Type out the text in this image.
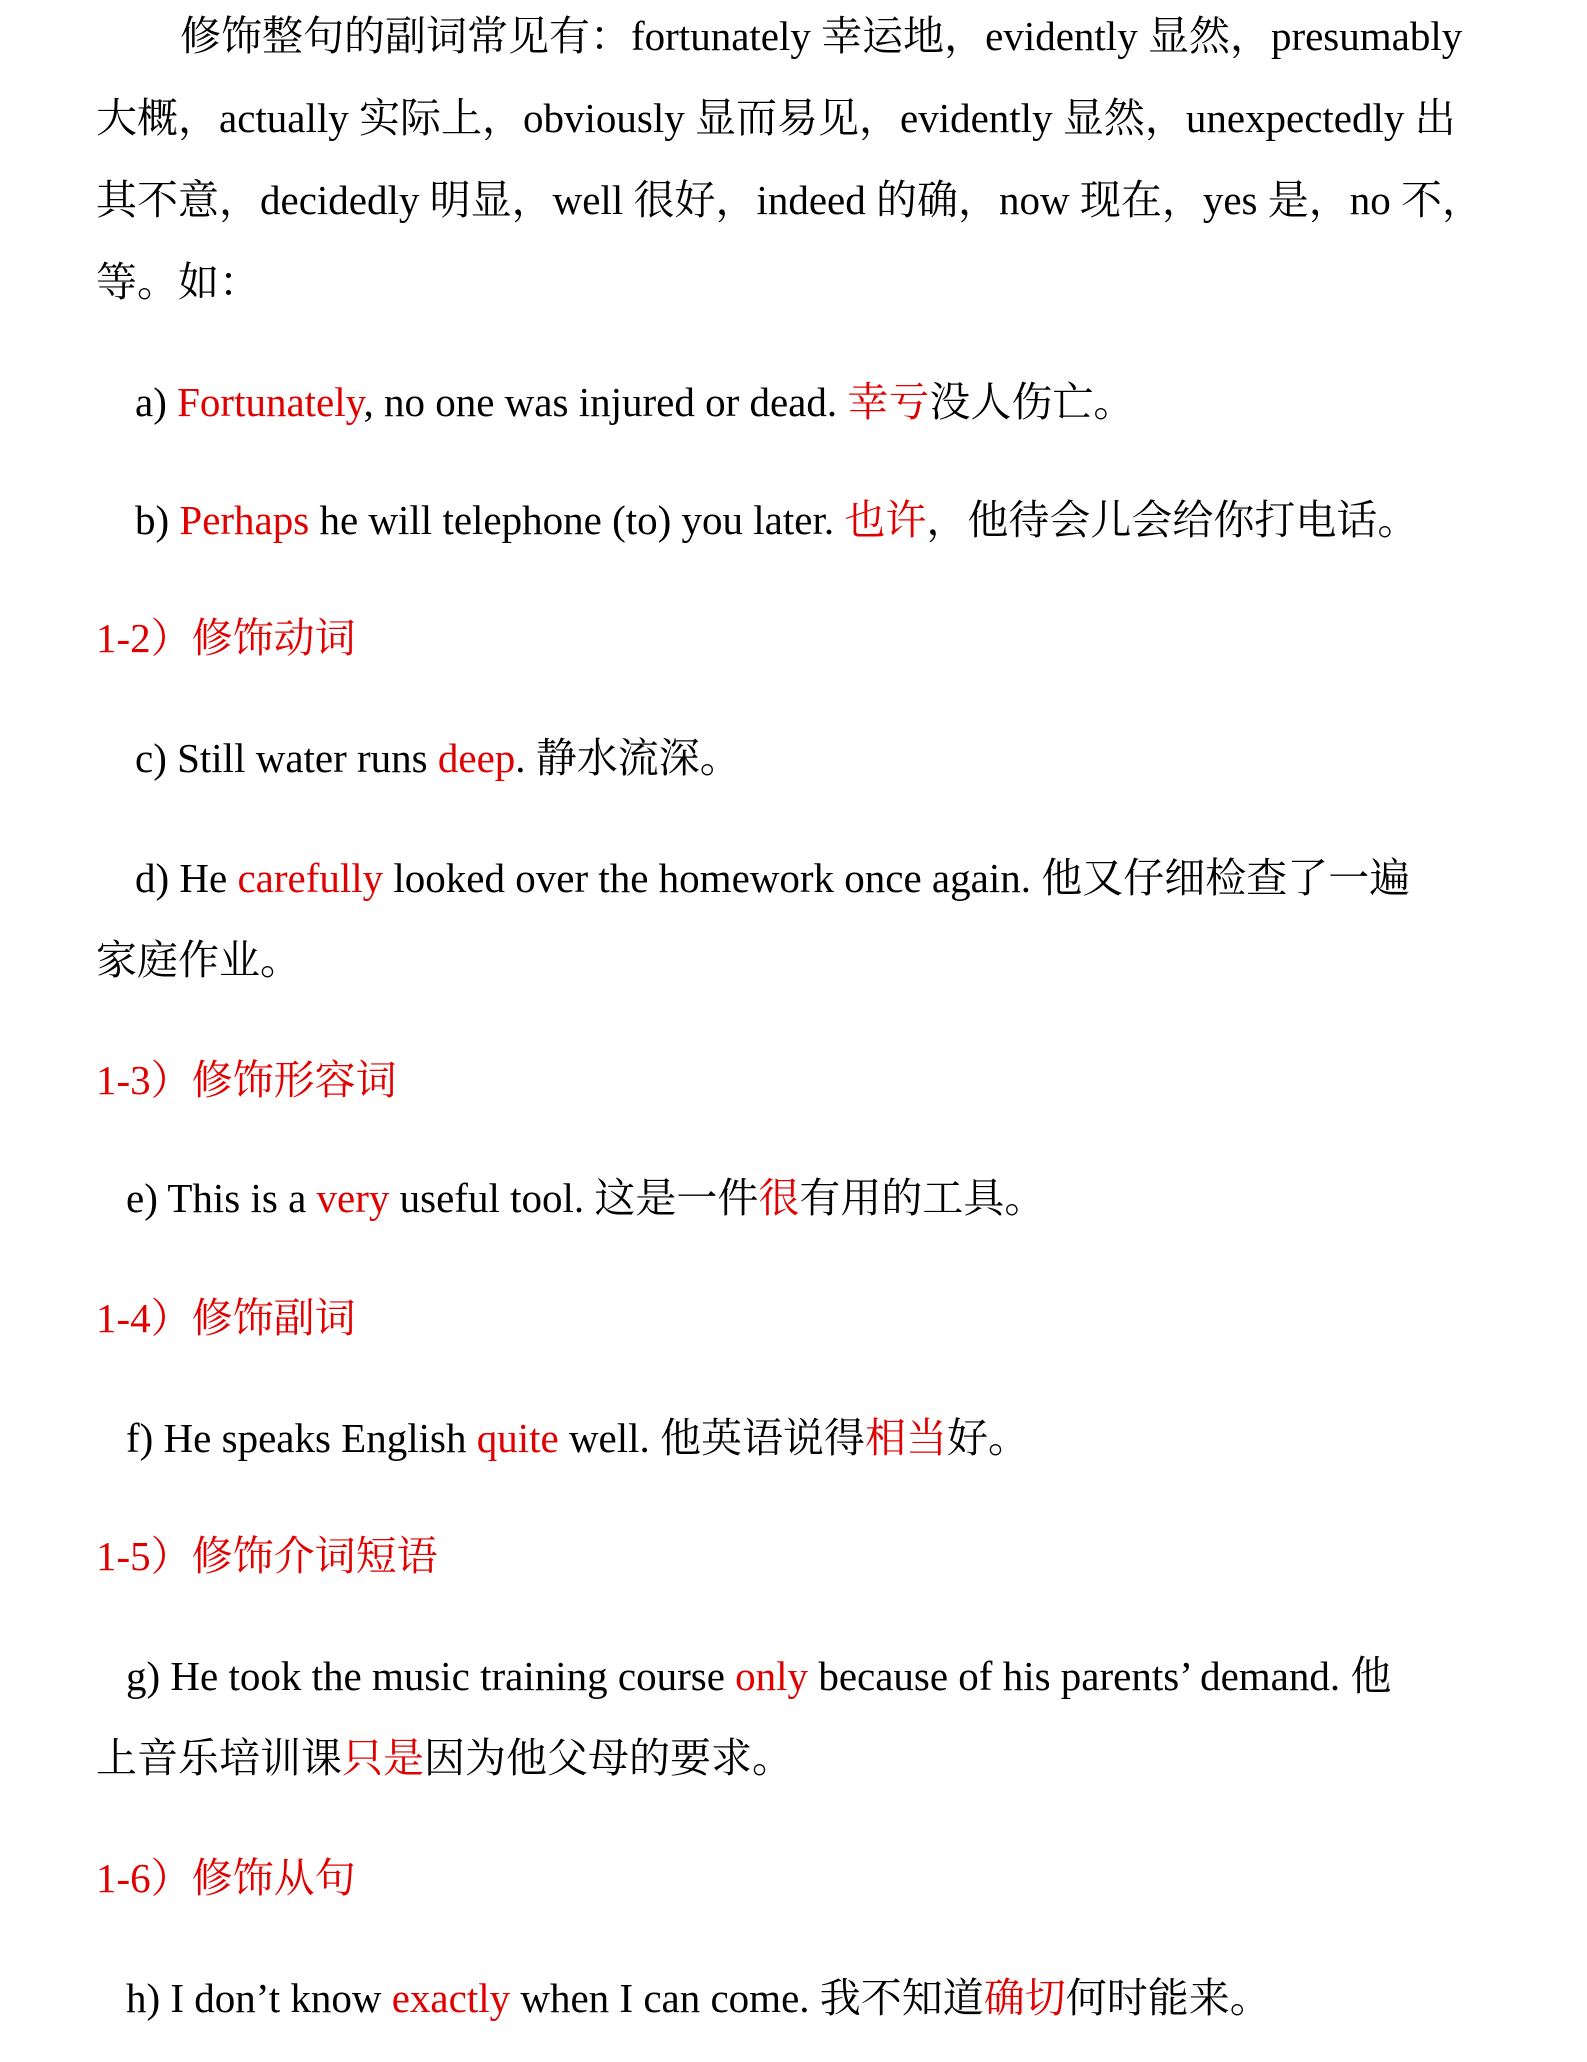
修饰整句的副词常见有：fortunately 幸运地，evidently 显然，presumably
大概，actually 实际上，obviously 显而易见，evidently 显然，unexpectedly 出
其不意，decidedly 明显，well 很好，indeed 的确，now 现在，yes 是，no 不，
等。如：
a) Fortunately, no one was injured or dead. 幸亏没人伤亡。
b) Perhaps he will telephone (to) you later. 也许，他待会儿会给你打电话。
1-2）修饰动词
c) Still water runs deep. 静水流深。
d) He carefully looked over the homework once again. 他又仔细检查了一遍
家庭作业。
1-3）修饰形容词
e) This is a very useful tool. 这是一件很有用的工具。
1-4）修饰副词
f) He speaks English quite well. 他英语说得相当好。
1-5）修饰介词短语
g) He took the music training course only because of his parents’ demand. 他
上音乐培训课只是因为他父母的要求。
1-6）修饰从句
h) I don’t know exactly when I can come. 我不知道确切何时能来。
